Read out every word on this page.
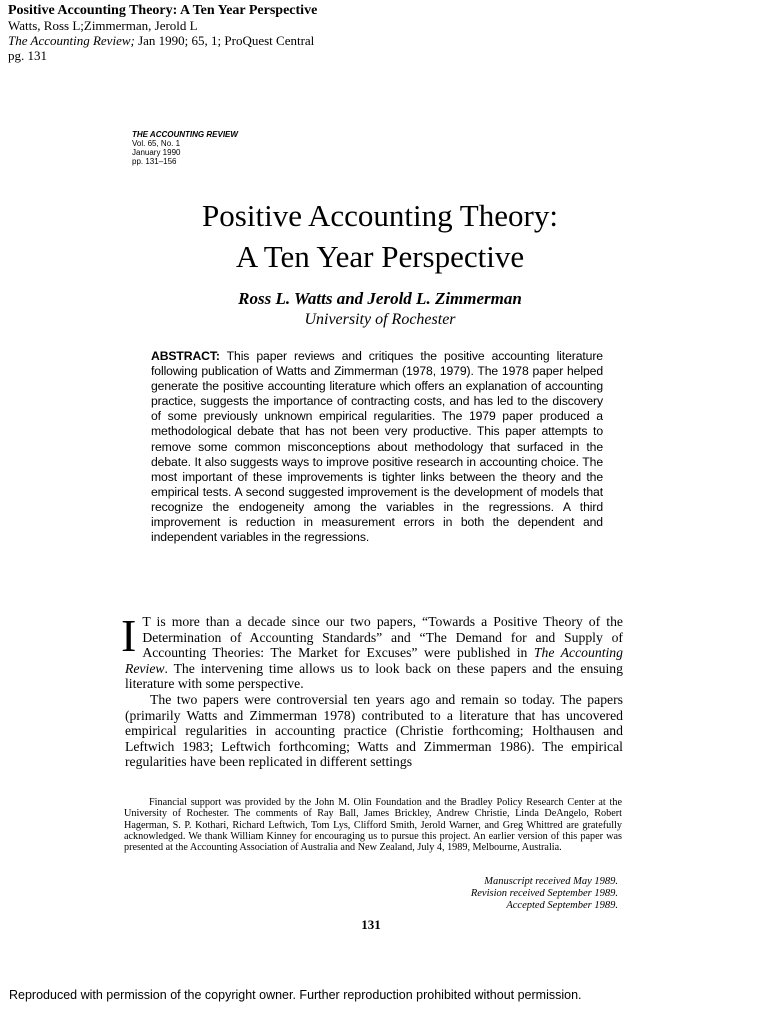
Positive Accounting Theory: A Ten Year Perspective
Watts, Ross L;Zimmerman, Jerold L
The Accounting Review; Jan 1990; 65, 1; ProQuest Central
pg. 131
THE ACCOUNTING REVIEW
Vol. 65, No. 1
January 1990
pp. 131–156
Positive Accounting Theory:
A Ten Year Perspective
Ross L. Watts and Jerold L. Zimmerman
University of Rochester
ABSTRACT: This paper reviews and critiques the positive accounting literature following publication of Watts and Zimmerman (1978, 1979). The 1978 paper helped generate the positive accounting literature which offers an explanation of accounting practice, suggests the importance of contracting costs, and has led to the discovery of some previously unknown empirical regularities. The 1979 paper produced a methodological debate that has not been very productive. This paper attempts to remove some common misconceptions about methodology that surfaced in the debate. It also suggests ways to improve positive research in accounting choice. The most important of these improvements is tighter links between the theory and the empirical tests. A second suggested improvement is the development of models that recognize the endogeneity among the variables in the regressions. A third improvement is reduction in measurement errors in both the dependent and independent variables in the regressions.

I T is more than a decade since our two papers, “Towards a Positive Theory of the Determination of Accounting Standards” and “The Demand for and Supply of Accounting Theories: The Market for Excuses” were published in The Accounting Review. The intervening time allows us to look back on these papers and the ensuing literature with some perspective.

The two papers were controversial ten years ago and remain so today. The papers (primarily Watts and Zimmerman 1978) contributed to a literature that has uncovered empirical regularities in accounting practice (Christie forthcoming; Holthausen and Leftwich 1983; Leftwich forthcoming; Watts and Zimmerman 1986). The empirical regularities have been replicated in different settings

Financial support was provided by the John M. Olin Foundation and the Bradley Policy Research Center at the University of Rochester. The comments of Ray Ball, James Brickley, Andrew Christie, Linda DeAngelo, Robert Hagerman, S. P. Kothari, Richard Leftwich, Tom Lys, Clifford Smith, Jerold Warner, and Greg Whittred are gratefully acknowledged. We thank William Kinney for encouraging us to pursue this project. An earlier version of this paper was presented at the Accounting Association of Australia and New Zealand, July 4, 1989, Melbourne, Australia.

Manuscript received May 1989.
Revision received September 1989.
Accepted September 1989.
131
Reproduced with permission of the copyright owner. Further reproduction prohibited without permission.
